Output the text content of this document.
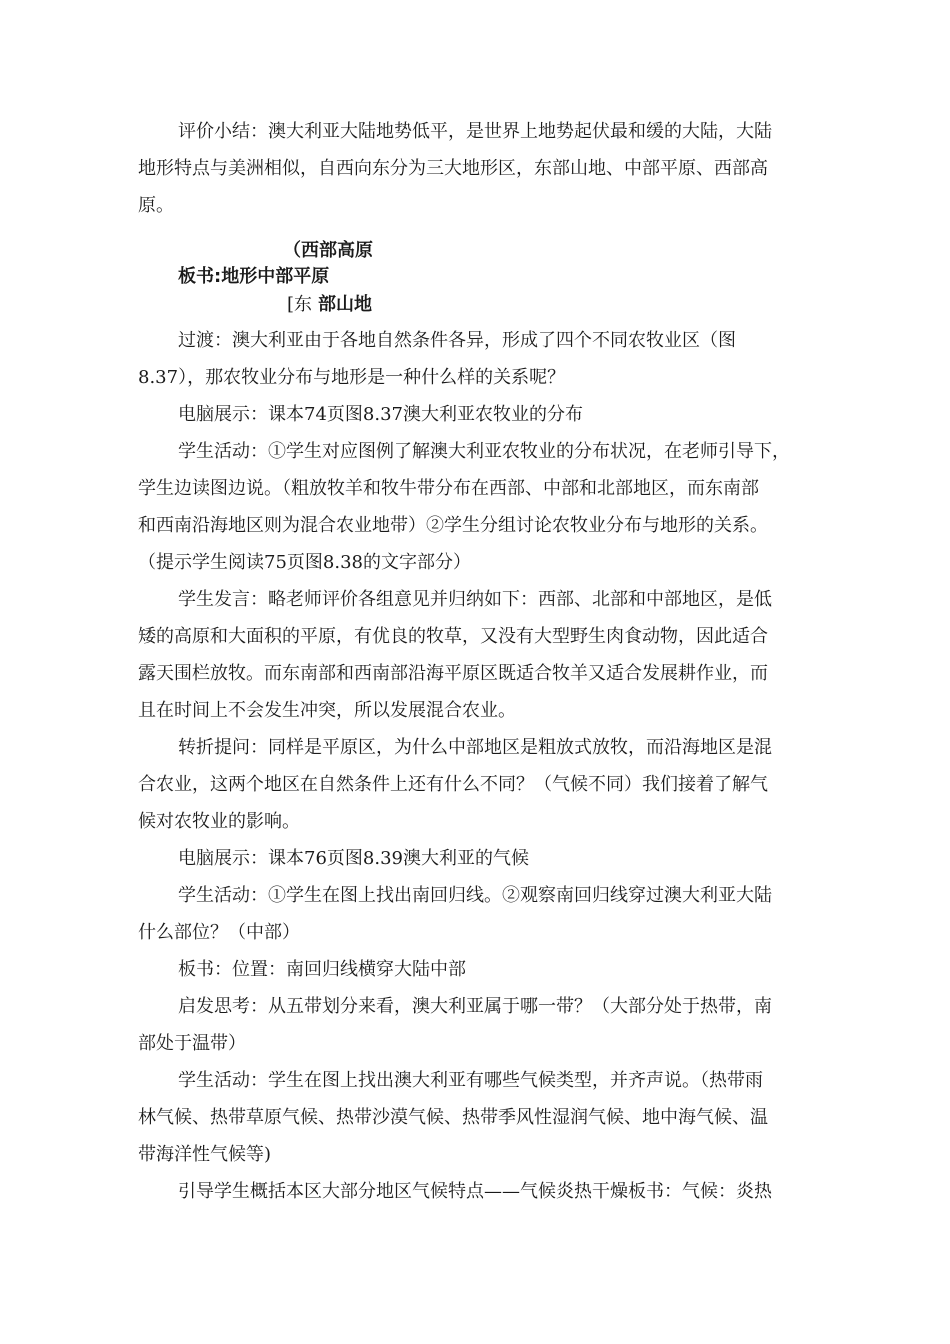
评价小结：澳大利亚大陆地势低平，是世界上地势起伏最和缓的大陆，大陆
地形特点与美洲相似，自西向东分为三大地形区，东部山地、中部平原、西部高
原。
（西部高原
板书:地形中部平原
[东 部山地
过渡：澳大利亚由于各地自然条件各异，形成了四个不同农牧业区（图
8.37），那农牧业分布与地形是一种什么样的关系呢？
电脑展示：课本74页图8.37澳大利亚农牧业的分布
学生活动：①学生对应图例了解澳大利亚农牧业的分布状况，在老师引导下，
学生边读图边说。（粗放牧羊和牧牛带分布在西部、中部和北部地区，而东南部
和西南沿海地区则为混合农业地带）②学生分组讨论农牧业分布与地形的关系。
（提示学生阅读75页图8.38的文字部分）
学生发言：略老师评价各组意见并归纳如下：西部、北部和中部地区，是低
矮的高原和大面积的平原，有优良的牧草，又没有大型野生肉食动物，因此适合
露天围栏放牧。而东南部和西南部沿海平原区既适合牧羊又适合发展耕作业，而
且在时间上不会发生冲突，所以发展混合农业。
转折提问：同样是平原区，为什么中部地区是粗放式放牧，而沿海地区是混
合农业，这两个地区在自然条件上还有什么不同？（气候不同）我们接着了解气
候对农牧业的影响。
电脑展示：课本76页图8.39澳大利亚的气候
学生活动：①学生在图上找出南回归线。②观察南回归线穿过澳大利亚大陆
什么部位？（中部）
板书：位置：南回归线横穿大陆中部
启发思考：从五带划分来看，澳大利亚属于哪一带？（大部分处于热带，南
部处于温带）
学生活动：学生在图上找出澳大利亚有哪些气候类型，并齐声说。（热带雨
林气候、热带草原气候、热带沙漠气候、热带季风性湿润气候、地中海气候、温
带海洋性气候等)
引导学生概括本区大部分地区气候特点——气候炎热干燥板书：气候：炎热
